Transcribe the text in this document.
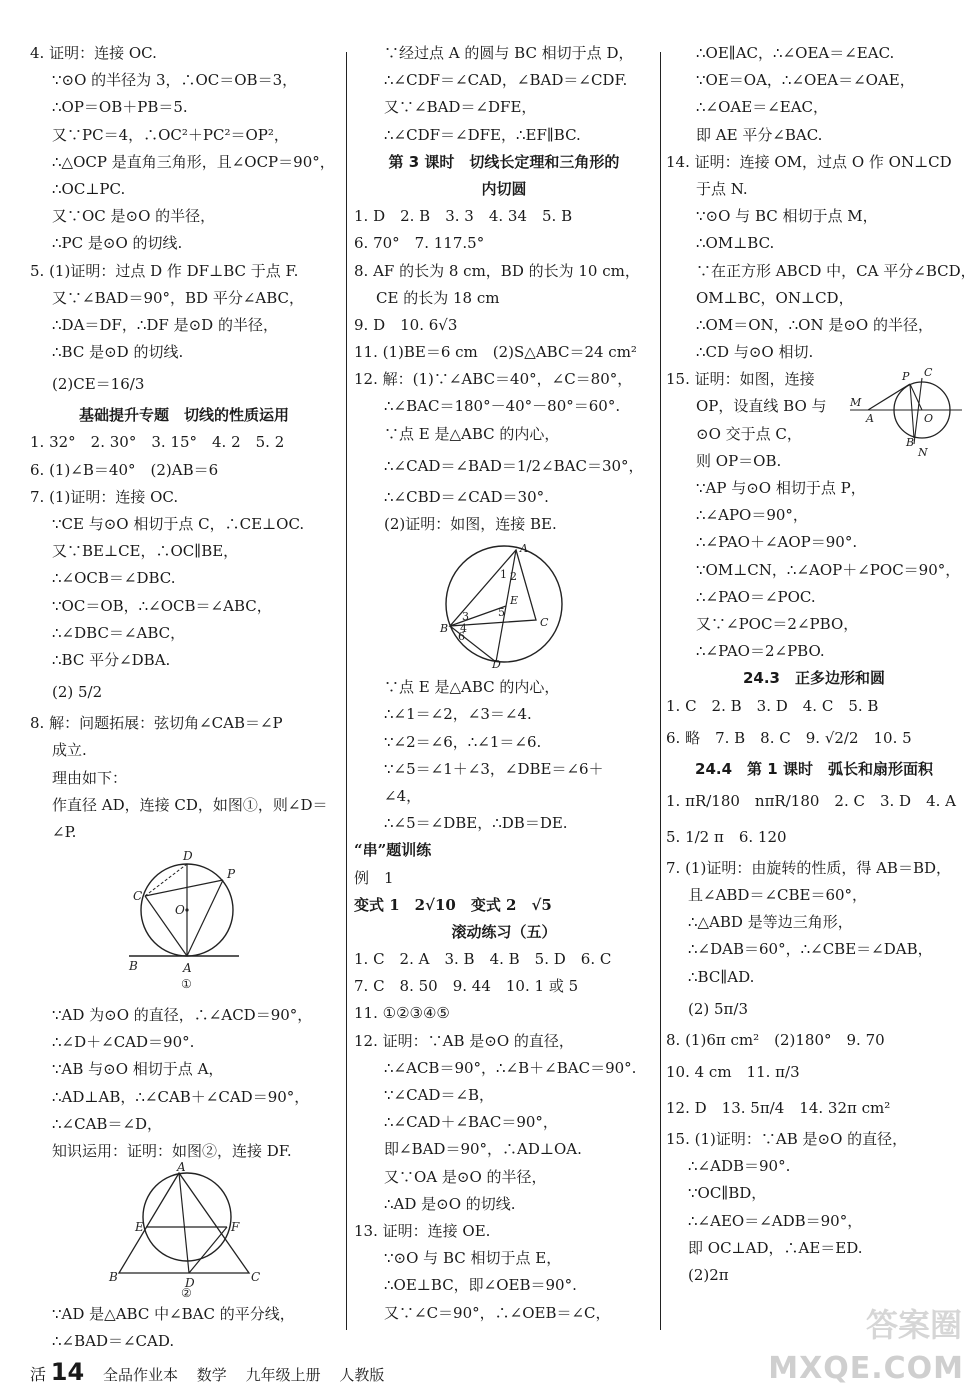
4. 证明：连接 OC.
∵⊙O 的半径为 3，∴OC＝OB＝3，
∴OP＝OB＋PB＝5.
又∵PC＝4，∴OC²＋PC²＝OP²，
∴△OCP 是直角三角形，且∠OCP＝90°，
∴OC⊥PC.
又∵OC 是⊙O 的半径，
∴PC 是⊙O 的切线.
5. (1)证明：过点 D 作 DF⊥BC 于点 F.
又∵∠BAD＝90°，BD 平分∠ABC，
∴DA＝DF，∴DF 是⊙D 的半径，
∴BC 是⊙D 的切线.
(2)CE＝16/3
基础提升专题　切线的性质运用
1. 32°　2. 30°　3. 15°　4. 2　5. 2
6. (1)∠B＝40°　(2)AB＝6
7. (1)证明：连接 OC.
∵CE 与⊙O 相切于点 C，∴CE⊥OC.
又∵BE⊥CE，∴OC∥BE，
∴∠OCB＝∠DBC.
∵OC＝OB，∴∠OCB＝∠ABC，
∴∠DBC＝∠ABC，
∴BC 平分∠DBA.
(2) 5/2
8. 解：问题拓展：弦切角∠CAB＝∠P
成立.
理由如下：
作直径 AD，连接 CD，如图①，则∠D＝
∠P.
D
P
C
O
B	A
①
∵AD 为⊙O 的直径，∴∠ACD＝90°，
∴∠D＋∠CAD＝90°.
∵AB 与⊙O 相切于点 A，
∴AD⊥AB，∴∠CAB＋∠CAD＝90°，
∴∠CAB＝∠D，
知识运用：证明：如图②，连接 DF.
A
E	F
B	D	C
②
∵AD 是△ABC 中∠BAC 的平分线，
∴∠BAD＝∠CAD.
∵经过点 A 的圆与 BC 相切于点 D，
∴∠CDF＝∠CAD，∠BAD＝∠CDF.
又∵∠BAD＝∠DFE，
∴∠CDF＝∠DFE，∴EF∥BC.
第 3 课时　切线长定理和三角形的
内切圆
1. D　2. B　3. 3　4. 34　5. B
6. 70°　7. 117.5°
8. AF 的长为 8 cm，BD 的长为 10 cm，
CE 的长为 18 cm
9. D　10. 6√3
11. (1)BE＝6 cm　(2)S△ABC＝24 cm²
12. 解：(1)∵∠ABC＝40°，∠C＝80°，
∴∠BAC＝180°－40°－80°＝60°.
∵点 E 是△ABC 的内心，
∴∠CAD＝∠BAD＝1/2∠BAC＝30°，
∴∠CBD＝∠CAD＝30°.
(2)证明：如图，连接 BE.
A
1 2
E
5
3
4
6
B	C
D
∵点 E 是△ABC 的内心，
∴∠1＝∠2，∠3＝∠4.
∵∠2＝∠6，∴∠1＝∠6.
∵∠5＝∠1＋∠3，∠DBE＝∠6＋
∠4，
∴∠5＝∠DBE，∴DB＝DE.
“串”题训练
例　1
变式 1　2√10　变式 2　√5
滚动练习（五）
1. C　2. A　3. B　4. B　5. D　6. C
7. C　8. 50　9. 44　10. 1 或 5
11. ①②③④⑤
12. 证明：∵AB 是⊙O 的直径，
∴∠ACB＝90°，∴∠B＋∠BAC＝90°.
∵∠CAD＝∠B，
∴∠CAD＋∠BAC＝90°，
即∠BAD＝90°，∴AD⊥OA.
又∵OA 是⊙O 的半径，
∴AD 是⊙O 的切线.
13. 证明：连接 OE.
∵⊙O 与 BC 相切于点 E，
∴OE⊥BC，即∠OEB＝90°.
又∵∠C＝90°，∴∠OEB＝∠C，
∴OE∥AC，∴∠OEA＝∠EAC.
∵OE＝OA，∴∠OEA＝∠OAE，
∴∠OAE＝∠EAC，
即 AE 平分∠BAC.
14. 证明：连接 OM，过点 O 作 ON⊥CD
于点 N.
∵⊙O 与 BC 相切于点 M，
∴OM⊥BC.
∵在正方形 ABCD 中，CA 平分∠BCD，
OM⊥BC，ON⊥CD，
∴OM＝ON，∴ON 是⊙O 的半径，
∴CD 与⊙O 相切.
P C
M
A	O
B
N
15. 证明：如图，连接
OP，设直线 BO 与
⊙O 交于点 C，
则 OP＝OB.
∵AP 与⊙O 相切于点 P，
∴∠APO＝90°，
∴∠PAO＋∠AOP＝90°.
∵OM⊥CN，∴∠AOP＋∠POC＝90°，
∴∠PAO＝∠POC.
又∵∠POC＝2∠PBO，
∴∠PAO＝2∠PBO.
24.3　正多边形和圆
1. C　2. B　3. D　4. C　5. B
6. 略　7. B　8. C　9. √2/2　10. 5
24.4　第 1 课时　弧长和扇形面积
1. πR/180　nπR/180　2. C　3. D　4. A
5. 1/2 π　6. 120
7. (1)证明：由旋转的性质，得 AB＝BD，
且∠ABD＝∠CBE＝60°，
∴△ABD 是等边三角形，
∴∠DAB＝60°，∴∠CBE＝∠DAB，
∴BC∥AD.
(2) 5π/3
8. (1)6π cm²　(2)180°　9. 70
10. 4 cm　11. π/3
12. D　13. 5π/4　14. 32π cm²
15. (1)证明：∵AB 是⊙O 的直径，
∴∠ADB＝90°.
∵OC∥BD，
∴∠AEO＝∠ADB＝90°，
即 OC⊥AD，∴AE＝ED.
(2)2π
活 14 全品作业本 数学 九年级上册 人教版
答案圈
MXQE.COM
